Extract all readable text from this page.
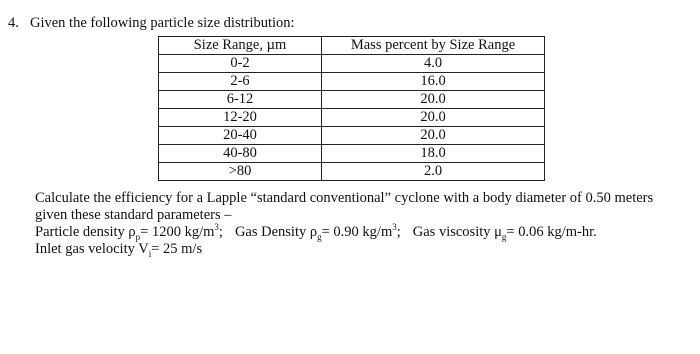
4. Given the following particle size distribution:
Size Range, µm	Mass percent by Size Range
0-2	4.0
2-6	16.0
6-12	20.0
12-20	20.0
20-40	20.0
40-80	18.0
>80	2.0

Calculate the efficiency for a Lapple “standard conventional” cyclone with a body diameter of 0.50 meters

given these standard parameters –

Particle density $\rho_p= 1200$ $kg/m^3$; Gas Density $\rho_g= 0.90$ $kg/m^3$; Gas viscosity $\mu_g= 0.06$ kg/m-hr.

Inlet gas velocity $V_i= 25$ m/s
